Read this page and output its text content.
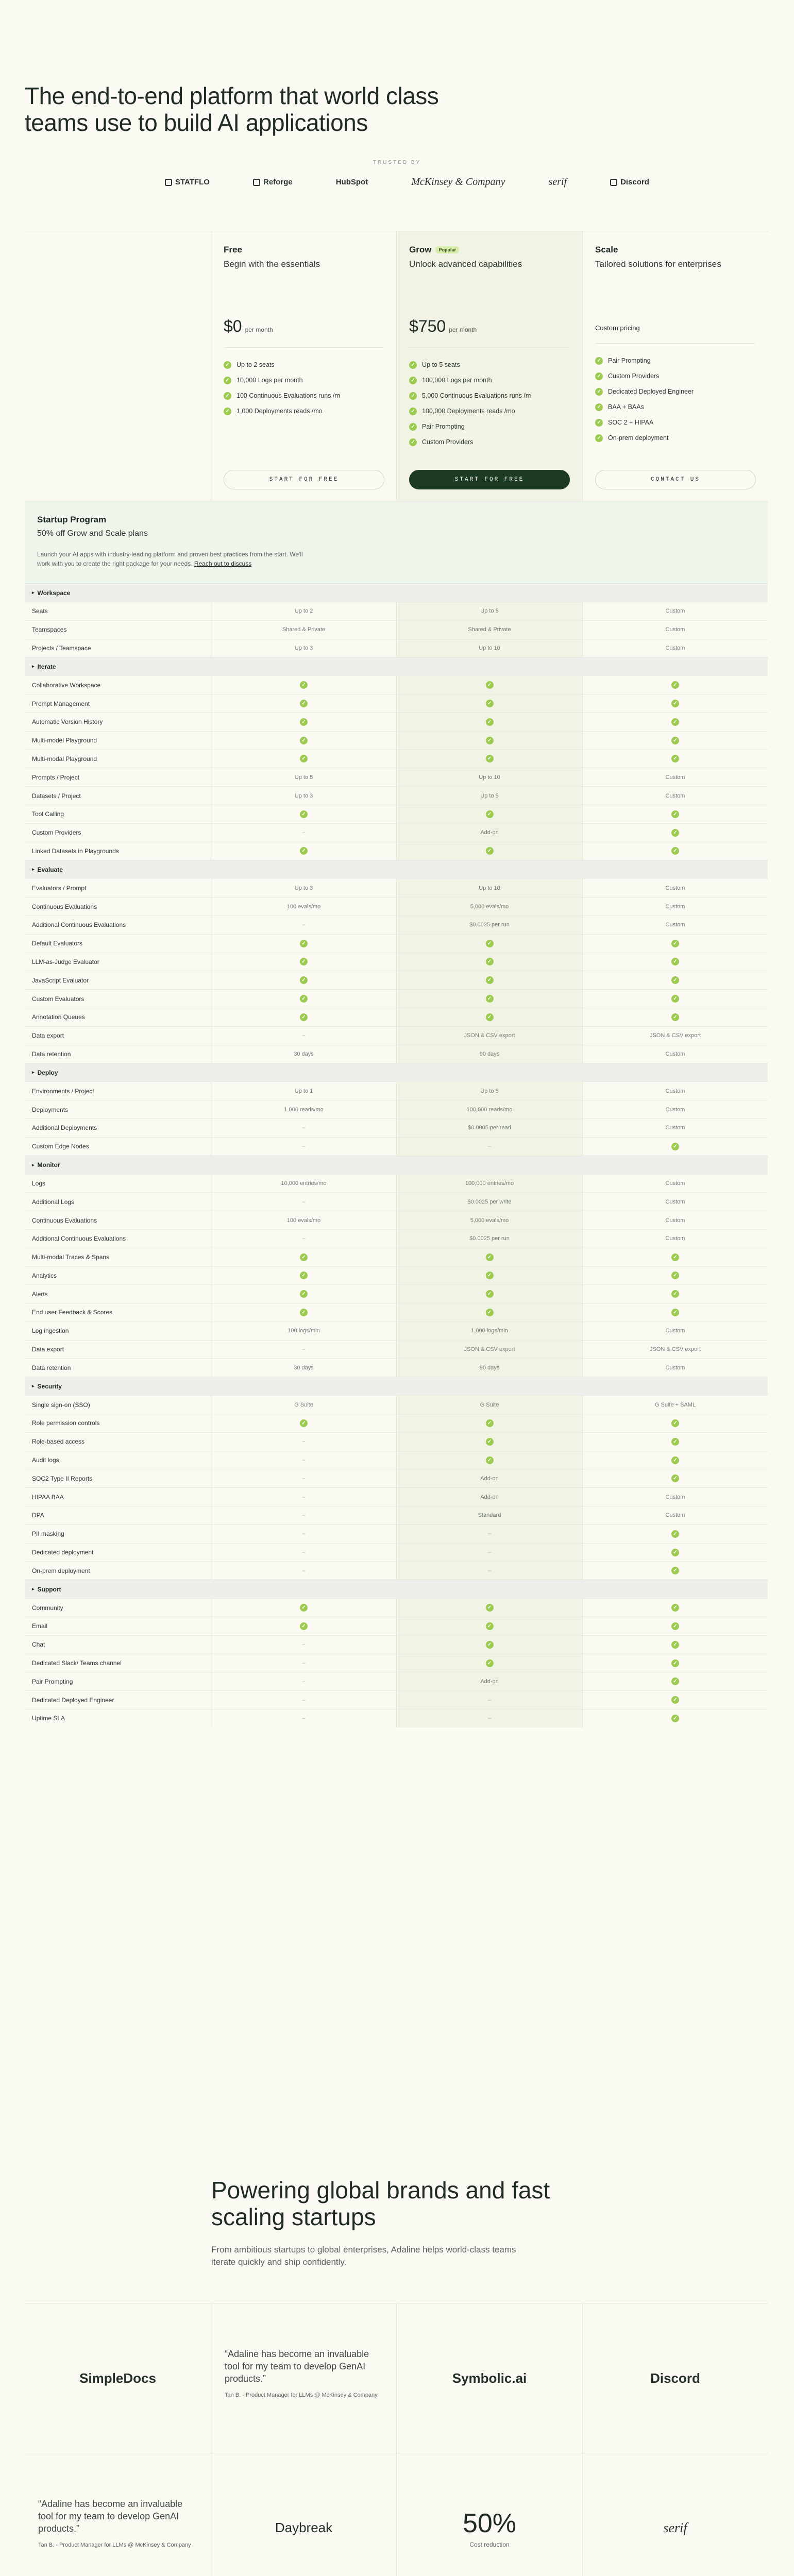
The end-to-end platform that world class teams use to build AI applications
TRUSTED BY
STATFLO	Reforge	HubSpot	McKinsey & Company	serif	Discord
Free
Begin with the essentials
$0 per month
✓ Up to 2 seats
✓ 10,000 Logs per month
✓ 100 Continuous Evaluations runs /m
✓ 1,000 Deployments reads /mo
START FOR FREE
Grow	Popular
Unlock advanced capabilities
$750 per month
✓ Up to 5 seats
✓ 100,000 Logs per month
✓ 5,000 Continuous Evaluations runs /m
✓ 100,000 Deployments reads /mo
✓ Pair Prompting
✓ Custom Providers
START FOR FREE
Scale
Tailored solutions for enterprises
Custom pricing
✓ Pair Prompting
✓ Custom Providers
✓ Dedicated Deployed Engineer
✓ BAA + BAAs
✓ SOC 2 + HIPAA
✓ On-prem deployment
CONTACT US
Startup Program
50% off Grow and Scale plans

Launch your AI apps with industry-leading platform and proven best practices from the start. We'll work with you to create the right package for your needs. Reach out to discuss

▸ Workspace
Seats	Up to 2	Up to 5	Custom
Teamspaces	Shared & Private	Shared & Private	Custom
Projects / Teamspace	Up to 3	Up to 10	Custom
▸ Iterate
Collaborative Workspace	✓	✓	✓
Prompt Management	✓	✓	✓
Automatic Version History	✓	✓	✓
Multi-model Playground	✓	✓	✓
Multi-modal Playground	✓	✓	✓
Prompts / Project	Up to 5	Up to 10	Custom
Datasets / Project	Up to 3	Up to 5	Custom
Tool Calling	✓	✓	✓
Custom Providers	–	Add-on	✓
Linked Datasets in Playgrounds	✓	✓	✓
▸ Evaluate
Evaluators / Prompt	Up to 3	Up to 10	Custom
Continuous Evaluations	100 evals/mo	5,000 evals/mo	Custom
Additional Continuous Evaluations	–	$0.0025 per run	Custom
Default Evaluators	✓	✓	✓
LLM-as-Judge Evaluator	✓	✓	✓
JavaScript Evaluator	✓	✓	✓
Custom Evaluators	✓	✓	✓
Annotation Queues	✓	✓	✓
Data export	–	JSON & CSV export	JSON & CSV export
Data retention	30 days	90 days	Custom
▸ Deploy
Environments / Project	Up to 1	Up to 5	Custom
Deployments	1,000 reads/mo	100,000 reads/mo	Custom
Additional Deployments	–	$0.0005 per read	Custom
Custom Edge Nodes	–	–	✓
▸ Monitor
Logs	10,000 entries/mo	100,000 entries/mo	Custom
Additional Logs	–	$0.0025 per write	Custom
Continuous Evaluations	100 evals/mo	5,000 evals/mo	Custom
Additional Continuous Evaluations	–	$0.0025 per run	Custom
Multi-modal Traces & Spans	✓	✓	✓
Analytics	✓	✓	✓
Alerts	✓	✓	✓
End user Feedback & Scores	✓	✓	✓
Log ingestion	100 logs/min	1,000 logs/min	Custom
Data export	–	JSON & CSV export	JSON & CSV export
Data retention	30 days	90 days	Custom
▸ Security
Single sign-on (SSO)	G Suite	G Suite	G Suite + SAML
Role permission controls	✓	✓	✓
Role-based access	–	✓	✓
Audit logs	–	✓	✓
SOC2 Type II Reports	–	Add-on	✓
HIPAA BAA	–	Add-on	Custom
DPA	–	Standard	Custom
PII masking	–	–	✓
Dedicated deployment	–	–	✓
On-prem deployment	–	–	✓
▸ Support
Community	✓	✓	✓
Email	✓	✓	✓
Chat	–	✓	✓
Dedicated Slack/ Teams channel	–	✓	✓
Pair Prompting	–	Add-on	✓
Dedicated Deployed Engineer	–	–	✓
Uptime SLA	–	–	✓
Powering global brands and fast scaling startups

From ambitious startups to global enterprises, Adaline helps world-class teams iterate quickly and ship confidently.

SimpleDocs
“Adaline has become an invaluable tool for my team to develop GenAI products.”
Tan B. - Product Manager for LLMs @ McKinsey & Company
Symbolic.ai	Discord
“Adaline has become an invaluable tool for my team to develop GenAI products.”
Tan B. - Product Manager for LLMs @ McKinsey & Company
Daybreak	50%
Cost reduction
serif
